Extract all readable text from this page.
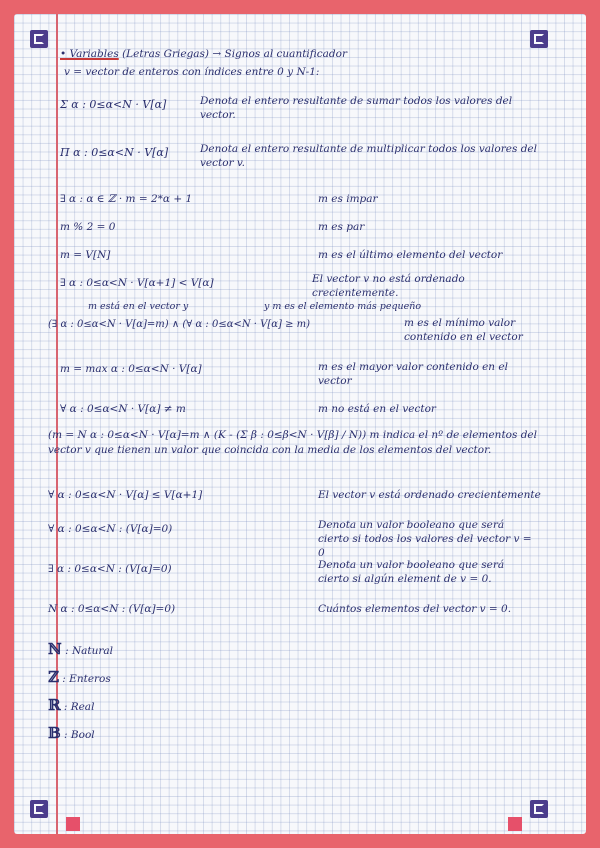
• Variables (Letras Griegas) → Signos al cuantificador
v = vector de enteros con índices entre 0 y N-1:
Σ α : 0≤α<N · V[α]	Denota el entero resultante de sumar todos los valores del vector.
Π α : 0≤α<N · V[α]	Denota el entero resultante de multiplicar todos los valores del vector v.
∃ α : α ∈ ℤ · m = 2*α + 1	m es impar
m % 2 = 0	m es par
m = V[N]	m es el último elemento del vector
∃ α : 0≤α<N · V[α+1] < V[α]	El vector v no está ordenado crecientemente.
m está en el vector y	y m es el elemento más pequeño
(∃ α : 0≤α<N · V[α]=m) ∧ (∀ α : 0≤α<N · V[α] ≥ m)	m es el mínimo valor contenido en el vector
m = max α : 0≤α<N · V[α]	m es el mayor valor contenido en el vector
∀ α : 0≤α<N · V[α] ≠ m	m no está en el vector
(m = N α : 0≤α<N · V[α]=m ∧ (K - (Σ β : 0≤β<N · V[β] / N)) m indica el nº de elementos del vector v que tienen un valor que coincida con la media de los elementos del vector.
∀ α : 0≤α<N · V[α] ≤ V[α+1]	El vector v está ordenado crecientemente
∀ α : 0≤α<N : (V[α]=0)	Denota un valor booleano que será cierto si todos los valores del vector v = 0
∃ α : 0≤α<N : (V[α]=0)	Denota un valor booleano que será cierto si algún element de v = 0.
N α : 0≤α<N : (V[α]=0)	Cuántos elementos del vector v = 0.
ℕ : Natural
ℤ : Enteros
ℝ : Real
𝔹 : Bool
